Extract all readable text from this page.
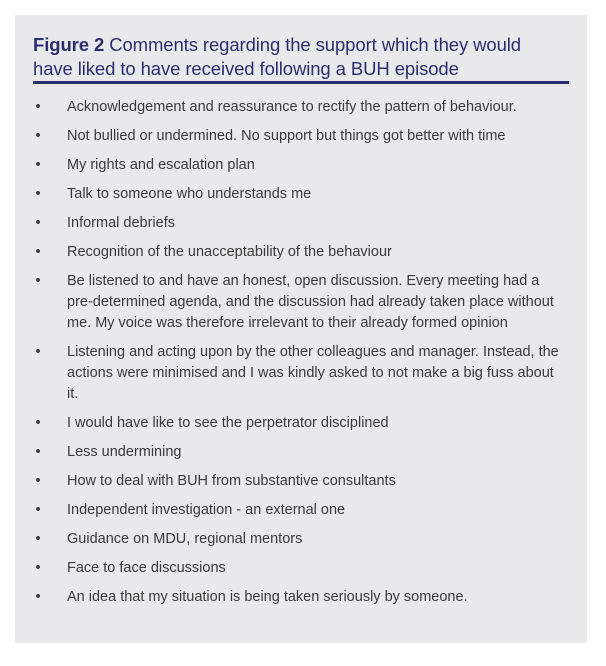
Figure 2 Comments regarding the support which they would have liked to have received following a BUH episode
• Acknowledgement and reassurance to rectify the pattern of behaviour.
• Not bullied or undermined. No support but things got better with time
• My rights and escalation plan
• Talk to someone who understands me
• Informal debriefs
• Recognition of the unacceptability of the behaviour
• Be listened to and have an honest, open discussion. Every meeting had a pre-determined agenda, and the discussion had already taken place without me. My voice was therefore irrelevant to their already formed opinion
• Listening and acting upon by the other colleagues and manager. Instead, the actions were minimised and I was kindly asked to not make a big fuss about it.
• I would have like to see the perpetrator disciplined
• Less undermining
• How to deal with BUH from substantive consultants
• Independent investigation - an external one
• Guidance on MDU, regional mentors
• Face to face discussions
• An idea that my situation is being taken seriously by someone.
